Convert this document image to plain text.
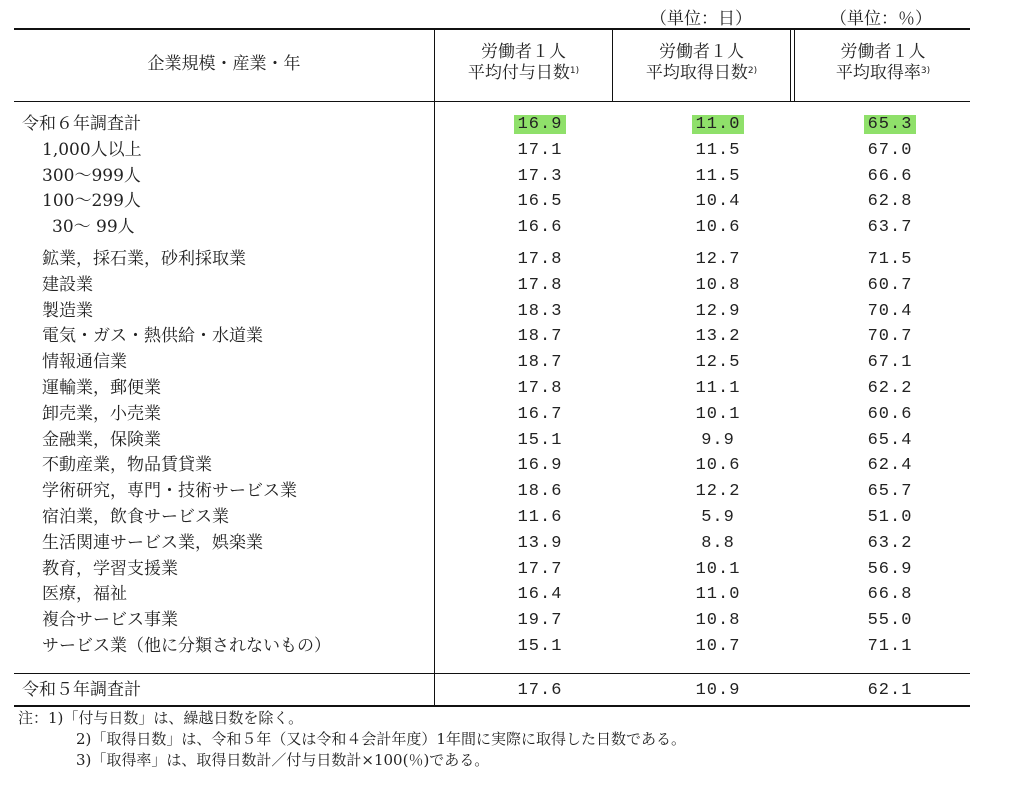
（単位：日）	（単位：％）
企業規模・産業・年
労働者１人
平均付与日数$^{1)}$
労働者１人
平均取得日数$^{2)}$
労働者１人
平均取得率$^{3)}$
令和６年調査計	16.9	11.0	65.3
1,000人以上	17.1	11.5	67.0
300～999人	17.3	11.5	66.6
100～299人	16.5	10.4	62.8
30～ 99人	16.6	10.6	63.7
鉱業，採石業，砂利採取業	17.8	12.7	71.5
建設業	17.8	10.8	60.7
製造業	18.3	12.9	70.4
電気・ガス・熱供給・水道業	18.7	13.2	70.7
情報通信業	18.7	12.5	67.1
運輸業，郵便業	17.8	11.1	62.2
卸売業，小売業	16.7	10.1	60.6
金融業，保険業	15.1	9.9	65.4
不動産業，物品賃貸業	16.9	10.6	62.4
学術研究，専門・技術サービス業	18.6	12.2	65.7
宿泊業，飲食サービス業	11.6	5.9	51.0
生活関連サービス業，娯楽業	13.9	8.8	63.2
教育，学習支援業	17.7	10.1	56.9
医療，福祉	16.4	11.0	66.8
複合サービス事業	19.7	10.8	55.0
サービス業（他に分類されないもの）	15.1	10.7	71.1
令和５年調査計	17.6	10.9	62.1
注：1)「付与日数」は、繰越日数を除く。
2)「取得日数」は、令和５年（又は令和４会計年度）1年間に実際に取得した日数である。
3)「取得率」は、取得日数計／付与日数計×100(％)である。
